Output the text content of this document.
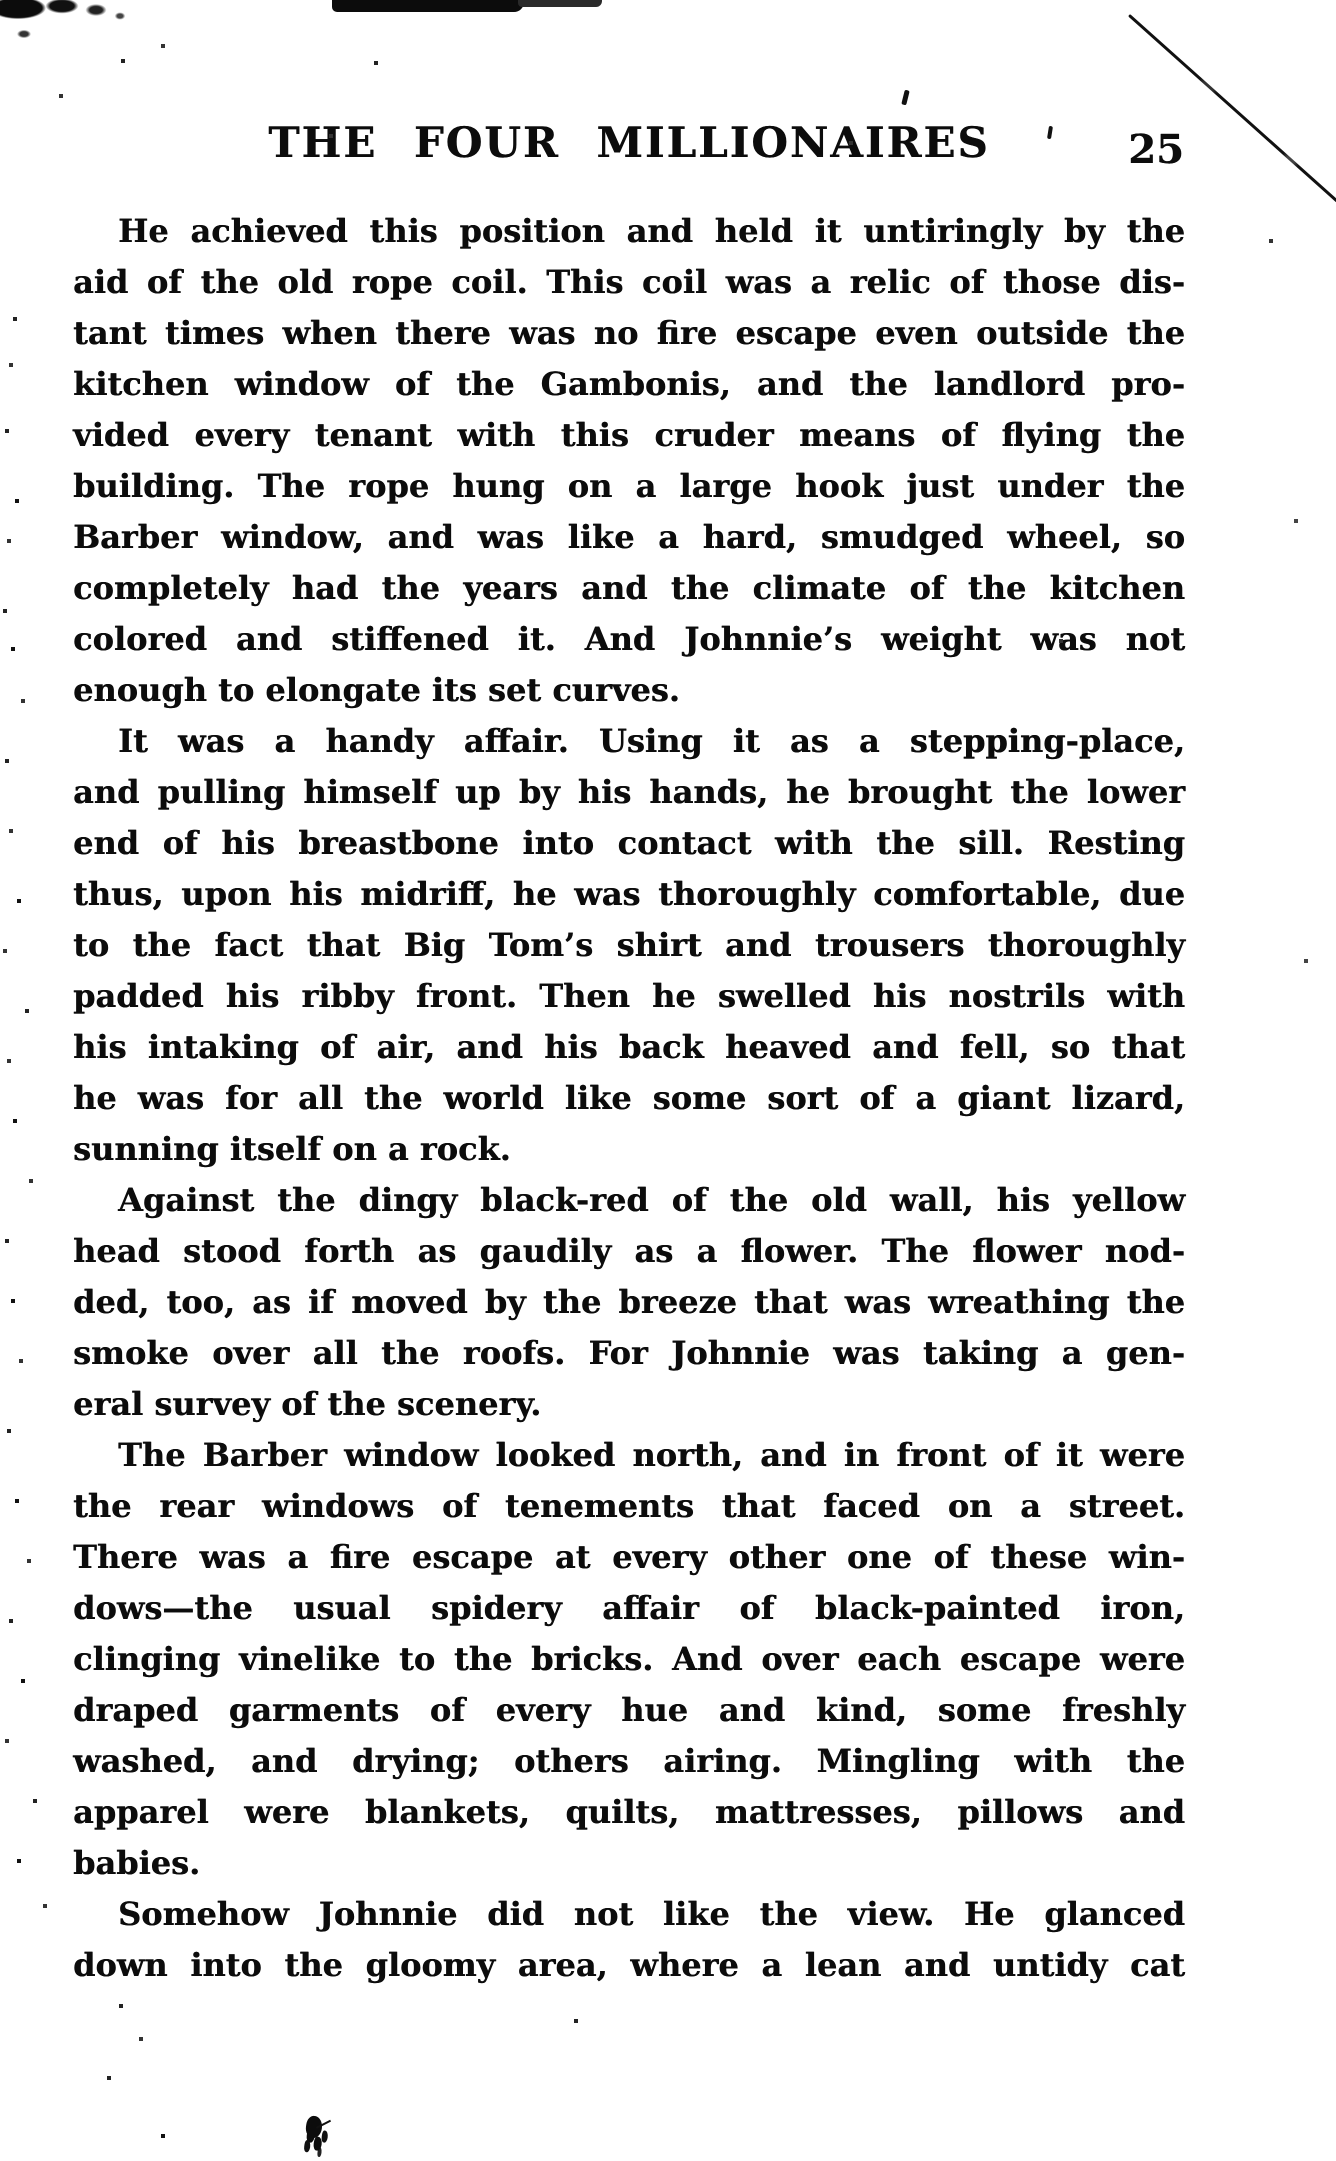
THE FOUR MILLIONAIRES	25
He achieved this position and held it untiringly by the
aid of the old rope coil. This coil was a relic of those dis-
tant times when there was no fire escape even outside the
kitchen window of the Gambonis, and the landlord pro-
vided every tenant with this cruder means of flying the
building. The rope hung on a large hook just under the
Barber window, and was like a hard, smudged wheel, so
completely had the years and the climate of the kitchen
colored and stiffened it. And Johnnie’s weight was not
enough to elongate its set curves.
It was a handy affair. Using it as a stepping-place,
and pulling himself up by his hands, he brought the lower
end of his breastbone into contact with the sill. Resting
thus, upon his midriff, he was thoroughly comfortable, due
to the fact that Big Tom’s shirt and trousers thoroughly
padded his ribby front. Then he swelled his nostrils with
his intaking of air, and his back heaved and fell, so that
he was for all the world like some sort of a giant lizard,
sunning itself on a rock.
Against the dingy black-red of the old wall, his yellow
head stood forth as gaudily as a flower. The flower nod-
ded, too, as if moved by the breeze that was wreathing the
smoke over all the roofs. For Johnnie was taking a gen-
eral survey of the scenery.
The Barber window looked north, and in front of it were
the rear windows of tenements that faced on a street.
There was a fire escape at every other one of these win-
dows—the usual spidery affair of black-painted iron,
clinging vinelike to the bricks. And over each escape were
draped garments of every hue and kind, some freshly
washed, and drying; others airing. Mingling with the
apparel were blankets, quilts, mattresses, pillows and
babies.
Somehow Johnnie did not like the view. He glanced
down into the gloomy area, where a lean and untidy cat
